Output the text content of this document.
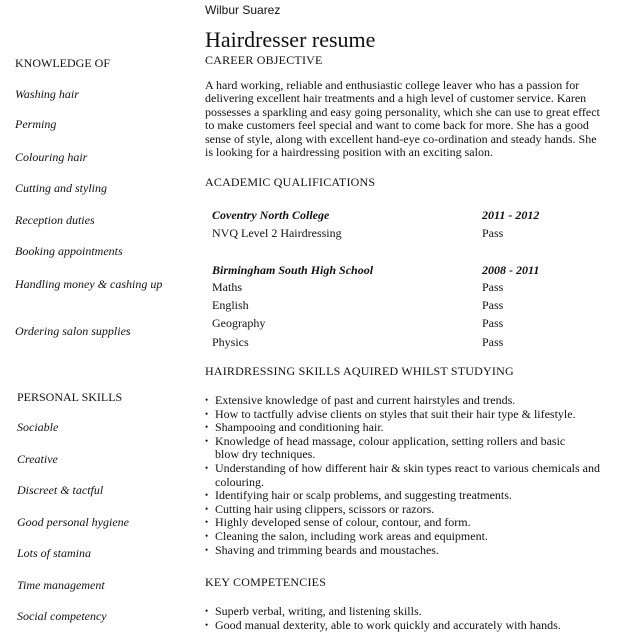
Wilbur Suarez
Hairdresser resume
KNOWLEDGE OF
Washing hair
Perming
Colouring hair
Cutting and styling
Reception duties
Booking appointments
Handling money & cashing up
Ordering salon supplies
PERSONAL SKILLS
Sociable
Creative
Discreet & tactful
Good personal hygiene
Lots of stamina
Time management
Social competency
CAREER OBJECTIVE
A hard working, reliable and enthusiastic college leaver who has a passion for delivering excellent hair treatments and a high level of customer service. Karen possesses a sparkling and easy going personality, which she can use to great effect to make customers feel special and want to come back for more. She has a good sense of style, along with excellent hand-eye co-ordination and steady hands. She is looking for a hairdressing position with an exciting salon.
ACADEMIC QUALIFICATIONS
Coventry North College	2011 - 2012
NVQ Level 2 Hairdressing	Pass
Birmingham South High School	2008 - 2011
Maths	Pass
English	Pass
Geography	Pass
Physics	Pass
HAIRDRESSING SKILLS AQUIRED WHILST STUDYING
• Extensive knowledge of past and current hairstyles and trends.
• How to tactfully advise clients on styles that suit their hair type & lifestyle.
• Shampooing and conditioning hair.
• Knowledge of head massage, colour application, setting rollers and basic blow dry techniques.
• Understanding of how different hair & skin types react to various chemicals and colouring.
• Identifying hair or scalp problems, and suggesting treatments.
• Cutting hair using clippers, scissors or razors.
• Highly developed sense of colour, contour, and form.
• Cleaning the salon, including work areas and equipment.
• Shaving and trimming beards and moustaches.
KEY COMPETENCIES
• Superb verbal, writing, and listening skills.
• Good manual dexterity, able to work quickly and accurately with hands.
